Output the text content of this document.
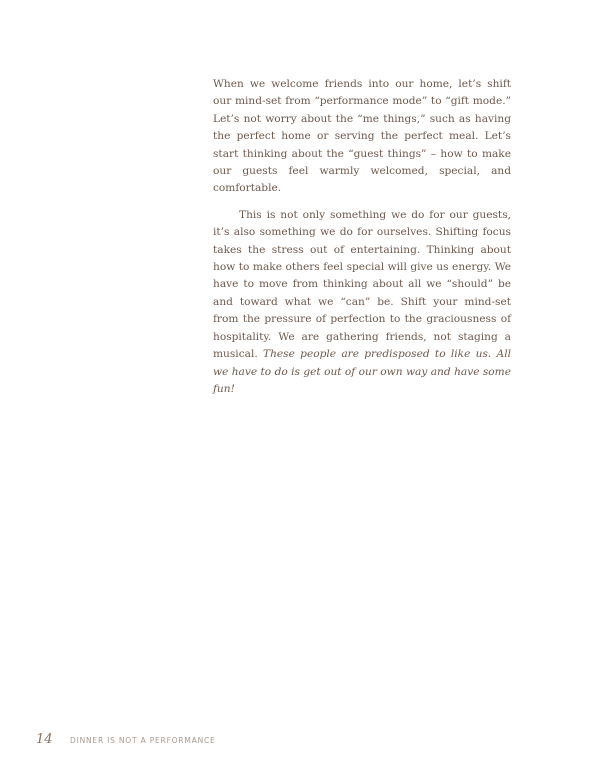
When we welcome friends into our home, let’s shift our mind-set from “performance mode” to “gift mode.” Let’s not worry about the “me things,” such as having the perfect home or serving the perfect meal. Let’s start thinking about the “guest things” – how to make our guests feel warmly welcomed, special, and comfortable.

This is not only something we do for our guests, it’s also something we do for ourselves. Shifting focus takes the stress out of entertaining. Thinking about how to make others feel special will give us energy. We have to move from thinking about all we “should” be and toward what we “can” be. Shift your mind-set from the pressure of perfection to the graciousness of hospitality. We are gathering friends, not staging a musical. These people are predisposed to like us. All we have to do is get out of our own way and have some fun!

14	DINNER IS NOT A PERFORMANCE
